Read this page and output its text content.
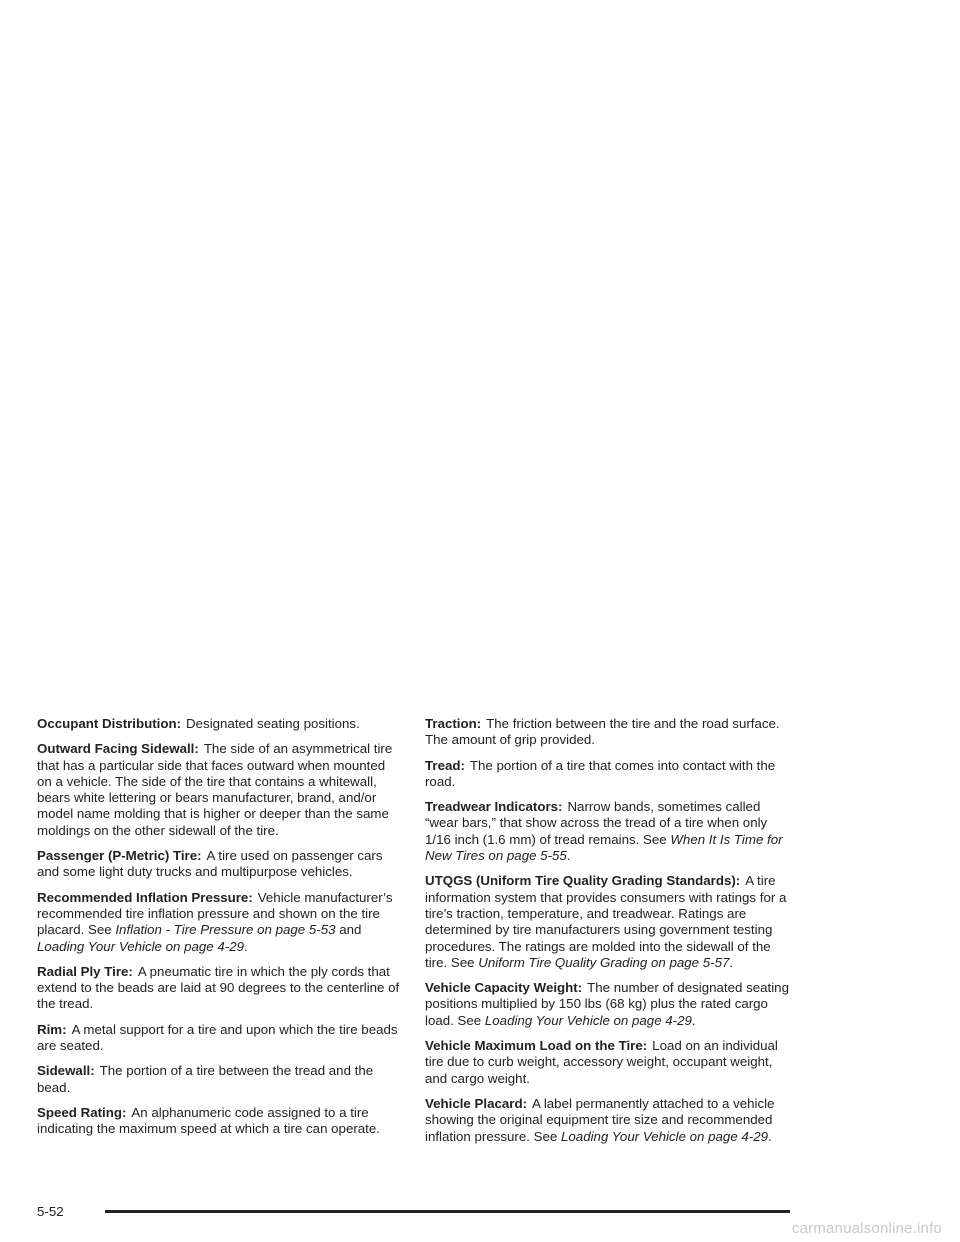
Occupant Distribution: Designated seating positions.

Outward Facing Sidewall: The side of an asymmetrical tire that has a particular side that faces outward when mounted on a vehicle. The side of the tire that contains a whitewall, bears white lettering or bears manufacturer, brand, and/or model name molding that is higher or deeper than the same moldings on the other sidewall of the tire.

Passenger (P-Metric) Tire: A tire used on passenger cars and some light duty trucks and multipurpose vehicles.

Recommended Inflation Pressure: Vehicle manufacturer’s recommended tire inflation pressure and shown on the tire placard. See Inflation - Tire Pressure on page 5-53 and Loading Your Vehicle on page 4-29.

Radial Ply Tire: A pneumatic tire in which the ply cords that extend to the beads are laid at 90 degrees to the centerline of the tread.

Rim: A metal support for a tire and upon which the tire beads are seated.

Sidewall: The portion of a tire between the tread and the bead.

Speed Rating: An alphanumeric code assigned to a tire indicating the maximum speed at which a tire can operate.

Traction: The friction between the tire and the road surface. The amount of grip provided.

Tread: The portion of a tire that comes into contact with the road.

Treadwear Indicators: Narrow bands, sometimes called “wear bars,” that show across the tread of a tire when only 1/16 inch (1.6 mm) of tread remains. See When It Is Time for New Tires on page 5-55.

UTQGS (Uniform Tire Quality Grading Standards): A tire information system that provides consumers with ratings for a tire’s traction, temperature, and treadwear. Ratings are determined by tire manufacturers using government testing procedures. The ratings are molded into the sidewall of the tire. See Uniform Tire Quality Grading on page 5-57.

Vehicle Capacity Weight: The number of designated seating positions multiplied by 150 lbs (68 kg) plus the rated cargo load. See Loading Your Vehicle on page 4-29.

Vehicle Maximum Load on the Tire: Load on an individual tire due to curb weight, accessory weight, occupant weight, and cargo weight.

Vehicle Placard: A label permanently attached to a vehicle showing the original equipment tire size and recommended inflation pressure. See Loading Your Vehicle on page 4-29.

5-52
carmanualsonline.info
